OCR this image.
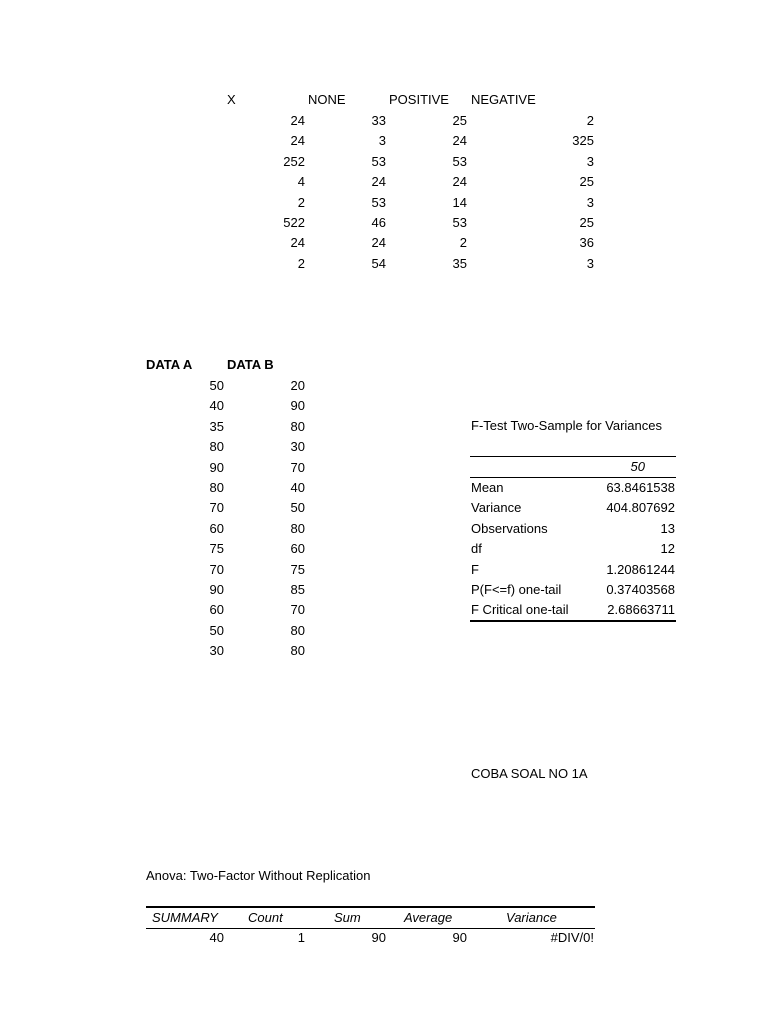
X	NONE	POSITIVE NEGATIVE
24	33	25	2
24	3	24	325
252	53	53	3
4	24	24	25
2	53	14	3
522	46	53	25
24	24	2	36
2	54	35	3
DATA A	DATA B
50	20
40	90
35	80
80	30
90	70
80	40
70	50
60	80
75	60
70	75
90	85
60	70
50	80
30	80
F-Test Two-Sample for Variances
50
Mean	63.8461538
Variance	404.807692
Observations	13
df	12
F	1.20861244
P(F<=f) one-tail	0.37403568
F Critical one-tail	2.68663711
COBA SOAL NO 1A
Anova: Two-Factor Without Replication
SUMMARY Count	Sum	Average	Variance
40	1	90	90	#DIV/0!
